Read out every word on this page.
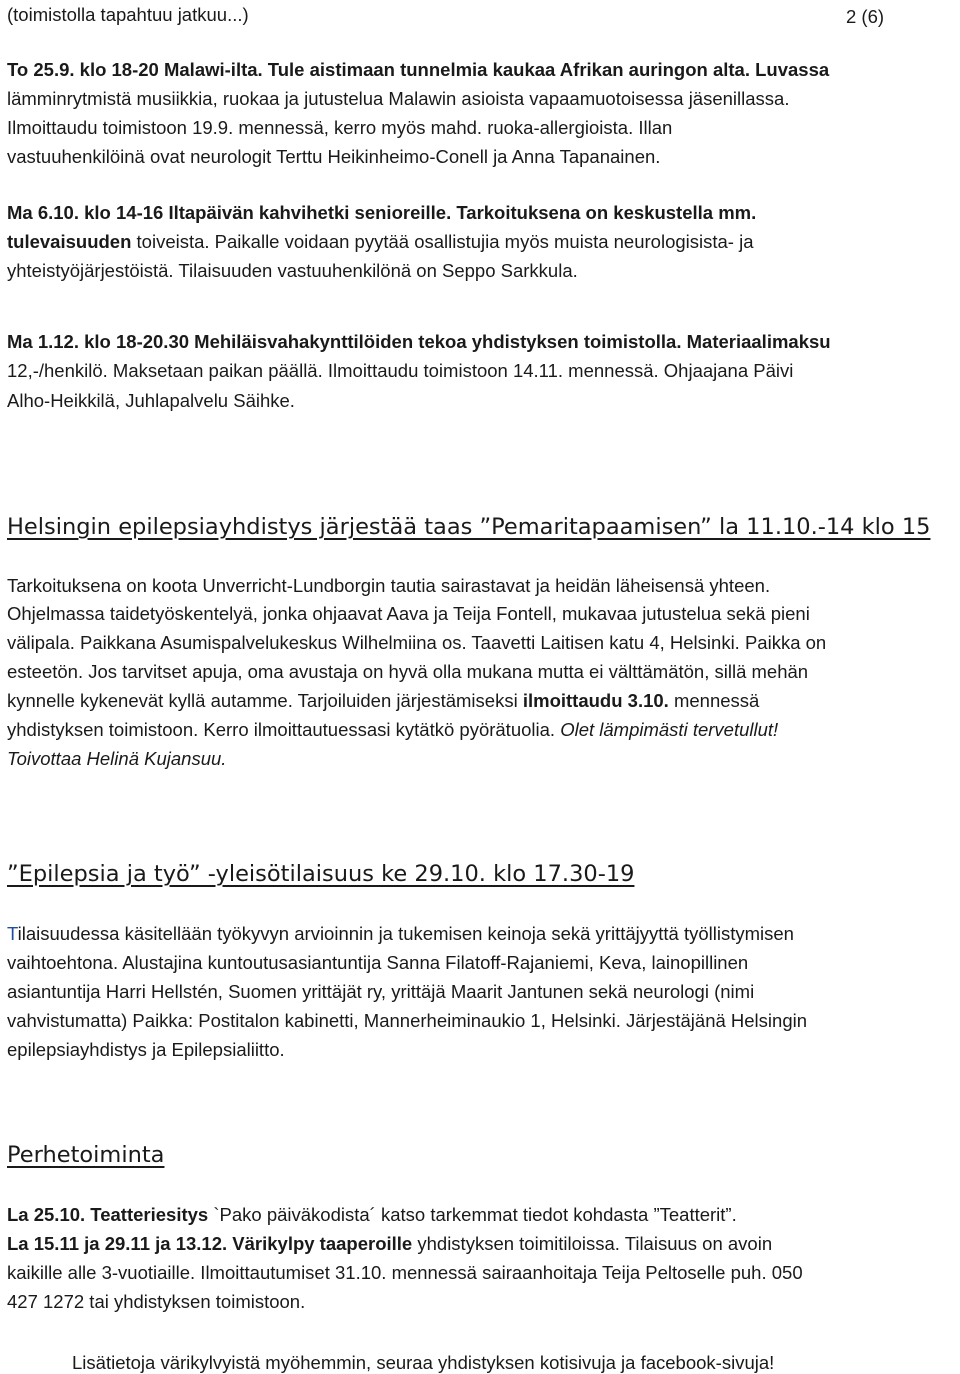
(toimistolla tapahtuu jatkuu...)	2 (6)
To 25.9. klo 18-20 Malawi-ilta. Tule aistimaan tunnelmia kaukaa Afrikan auringon alta. Luvassa
lämminrytmistä musiikkia, ruokaa ja jutustelua Malawin asioista vapaamuotoisessa jäsenillassa.
Ilmoittaudu toimistoon 19.9. mennessä, kerro myös mahd. ruoka-allergioista. Illan
vastuuhenkilöinä ovat neurologit Terttu Heikinheimo-Conell ja Anna Tapanainen.
Ma 6.10. klo 14-16 Iltapäivän kahvihetki senioreille. Tarkoituksena on keskustella mm.
tulevaisuuden toiveista. Paikalle voidaan pyytää osallistujia myös muista neurologisista- ja
yhteistyöjärjestöistä. Tilaisuuden vastuuhenkilönä on Seppo Sarkkula.
Ma 1.12. klo 18-20.30 Mehiläisvahakynttilöiden tekoa yhdistyksen toimistolla. Materiaalimaksu
12,-/henkilö. Maksetaan paikan päällä. Ilmoittaudu toimistoon 14.11. mennessä. Ohjaajana Päivi
Alho-Heikkilä, Juhlapalvelu Säihke.
Helsingin epilepsiayhdistys järjestää taas ”Pemaritapaamisen” la 11.10.-14 klo 15
Tarkoituksena on koota Unverricht-Lundborgin tautia sairastavat ja heidän läheisensä yhteen.
Ohjelmassa taidetyöskentelyä, jonka ohjaavat Aava ja Teija Fontell, mukavaa jutustelua sekä pieni
välipala. Paikkana Asumispalvelukeskus Wilhelmiina os. Taavetti Laitisen katu 4, Helsinki. Paikka on
esteetön. Jos tarvitset apuja, oma avustaja on hyvä olla mukana mutta ei välttämätön, sillä mehän
kynnelle kykenevät kyllä autamme. Tarjoiluiden järjestämiseksi ilmoittaudu 3.10. mennessä
yhdistyksen toimistoon. Kerro ilmoittautuessasi kytätkö pyörätuolia. Olet lämpimästi tervetullut!
Toivottaa Helinä Kujansuu.
”Epilepsia ja työ” -yleisötilaisuus ke 29.10. klo 17.30-19
Tilaisuudessa käsitellään työkyvyn arvioinnin ja tukemisen keinoja sekä yrittäjyyttä työllistymisen
vaihtoehtona. Alustajina kuntoutusasiantuntija Sanna Filatoff-Rajaniemi, Keva, lainopillinen
asiantuntija Harri Hellstén, Suomen yrittäjät ry, yrittäjä Maarit Jantunen sekä neurologi (nimi
vahvistumatta) Paikka: Postitalon kabinetti, Mannerheiminaukio 1, Helsinki. Järjestäjänä Helsingin
epilepsiayhdistys ja Epilepsialiitto.
Perhetoiminta
La 25.10. Teatteriesitys `Pako päiväkodista´ katso tarkemmat tiedot kohdasta ”Teatterit”.
La 15.11 ja 29.11 ja 13.12. Värikylpy taaperoille yhdistyksen toimitiloissa. Tilaisuus on avoin
kaikille alle 3-vuotiaille. Ilmoittautumiset 31.10. mennessä sairaanhoitaja Teija Peltoselle puh. 050
427 1272 tai yhdistyksen toimistoon.
Lisätietoja värikylvyistä myöhemmin, seuraa yhdistyksen kotisivuja ja facebook-sivuja!
